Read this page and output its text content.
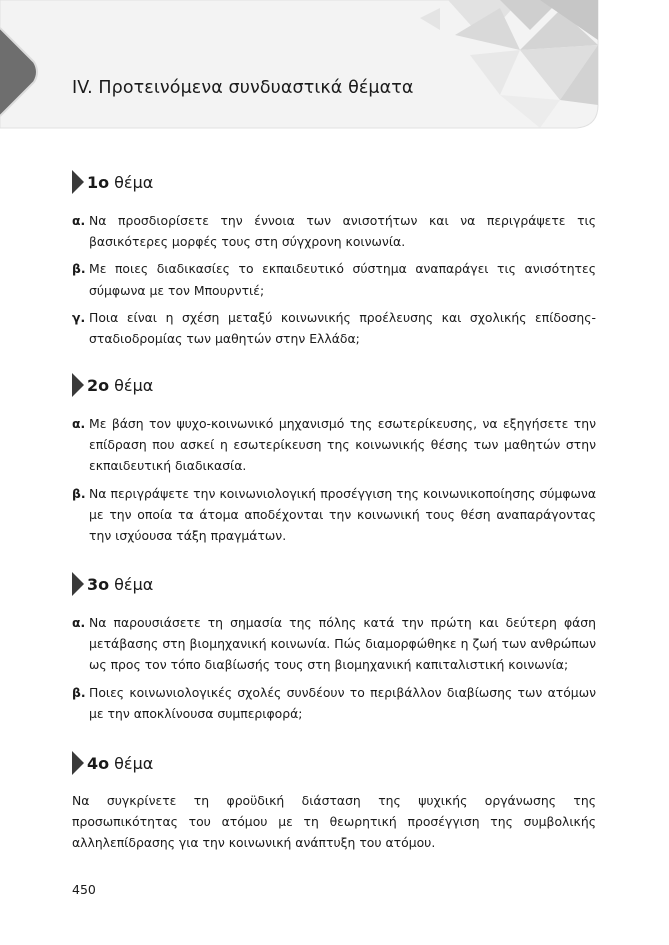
IV. Προτεινόμενα συνδυαστικά θέματα
1ο θέμα
α. Να προσδιορίσετε την έννοια των ανισοτήτων και να περιγράψετε τις βασικότερες μορφές τους στη σύγχρονη κοινωνία.
β. Με ποιες διαδικασίες το εκπαιδευτικό σύστημα αναπαράγει τις ανισότητες σύμφωνα με τον Μπουρντιέ;
γ. Ποια είναι η σχέση μεταξύ κοινωνικής προέλευσης και σχολικής επίδοσης-σταδιοδρομίας των μαθητών στην Ελλάδα;
2ο θέμα
α. Με βάση τον ψυχο-κοινωνικό μηχανισμό της εσωτερίκευσης, να εξηγήσετε την επίδραση που ασκεί η εσωτερίκευση της κοινωνικής θέσης των μαθητών στην εκπαιδευτική διαδικασία.
β. Να περιγράψετε την κοινωνιολογική προσέγγιση της κοινωνικοποίησης σύμφωνα με την οποία τα άτομα αποδέχονται την κοινωνική τους θέση αναπαράγοντας την ισχύουσα τάξη πραγμάτων.
3ο θέμα
α. Να παρουσιάσετε τη σημασία της πόλης κατά την πρώτη και δεύτερη φάση μετάβασης στη βιομηχανική κοινωνία. Πώς διαμορφώθηκε η ζωή των ανθρώπων ως προς τον τόπο διαβίωσής τους στη βιομηχανική καπιταλιστική κοινωνία;
β. Ποιες κοινωνιολογικές σχολές συνδέουν το περιβάλλον διαβίωσης των ατόμων με την αποκλίνουσα συμπεριφορά;
4ο θέμα

Να συγκρίνετε τη φροϋδική διάσταση της ψυχικής οργάνωσης της προσωπικότητας του ατόμου με τη θεωρητική προσέγγιση της συμβολικής αλληλεπίδρασης για την κοινωνική ανάπτυξη του ατόμου.

450
